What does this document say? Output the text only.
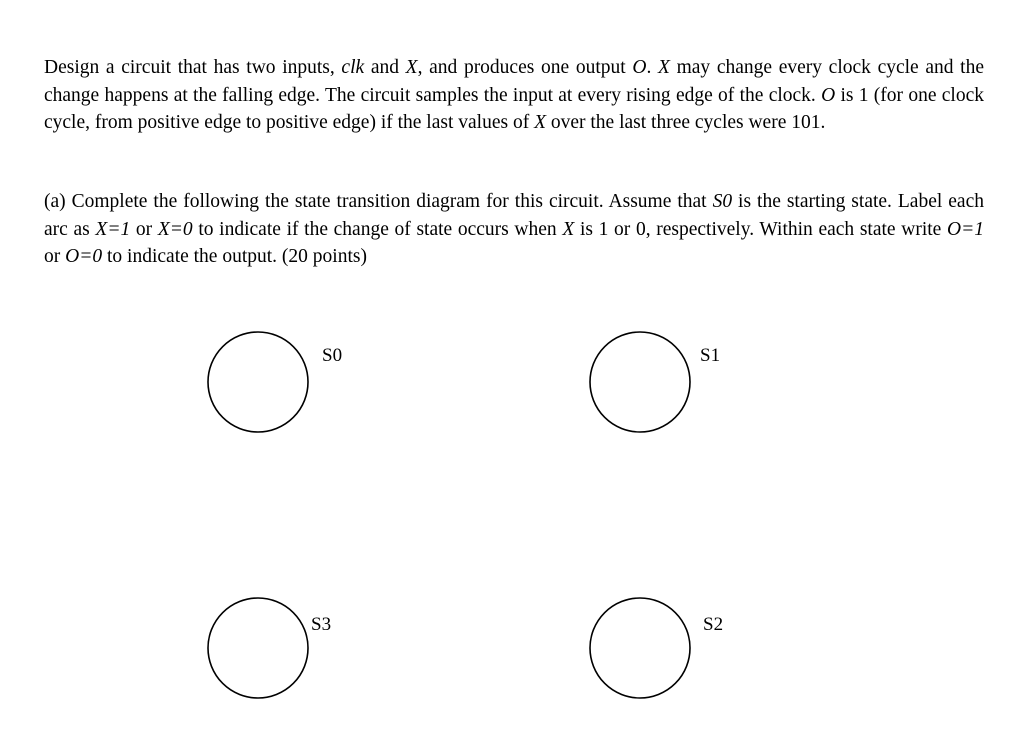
Design a circuit that has two inputs, clk and X, and produces one output O. X may change every clock cycle and the change happens at the falling edge. The circuit samples the input at every rising edge of the clock. O is 1 (for one clock cycle, from positive edge to positive edge) if the last values of X over the last three cycles were 101.

(a) Complete the following the state transition diagram for this circuit. Assume that S0 is the starting state. Label each arc as X=1 or X=0 to indicate if the change of state occurs when X is 1 or 0, respectively. Within each state write O=1 or O=0 to indicate the output. (20 points)

S0	S1
S3	S2
